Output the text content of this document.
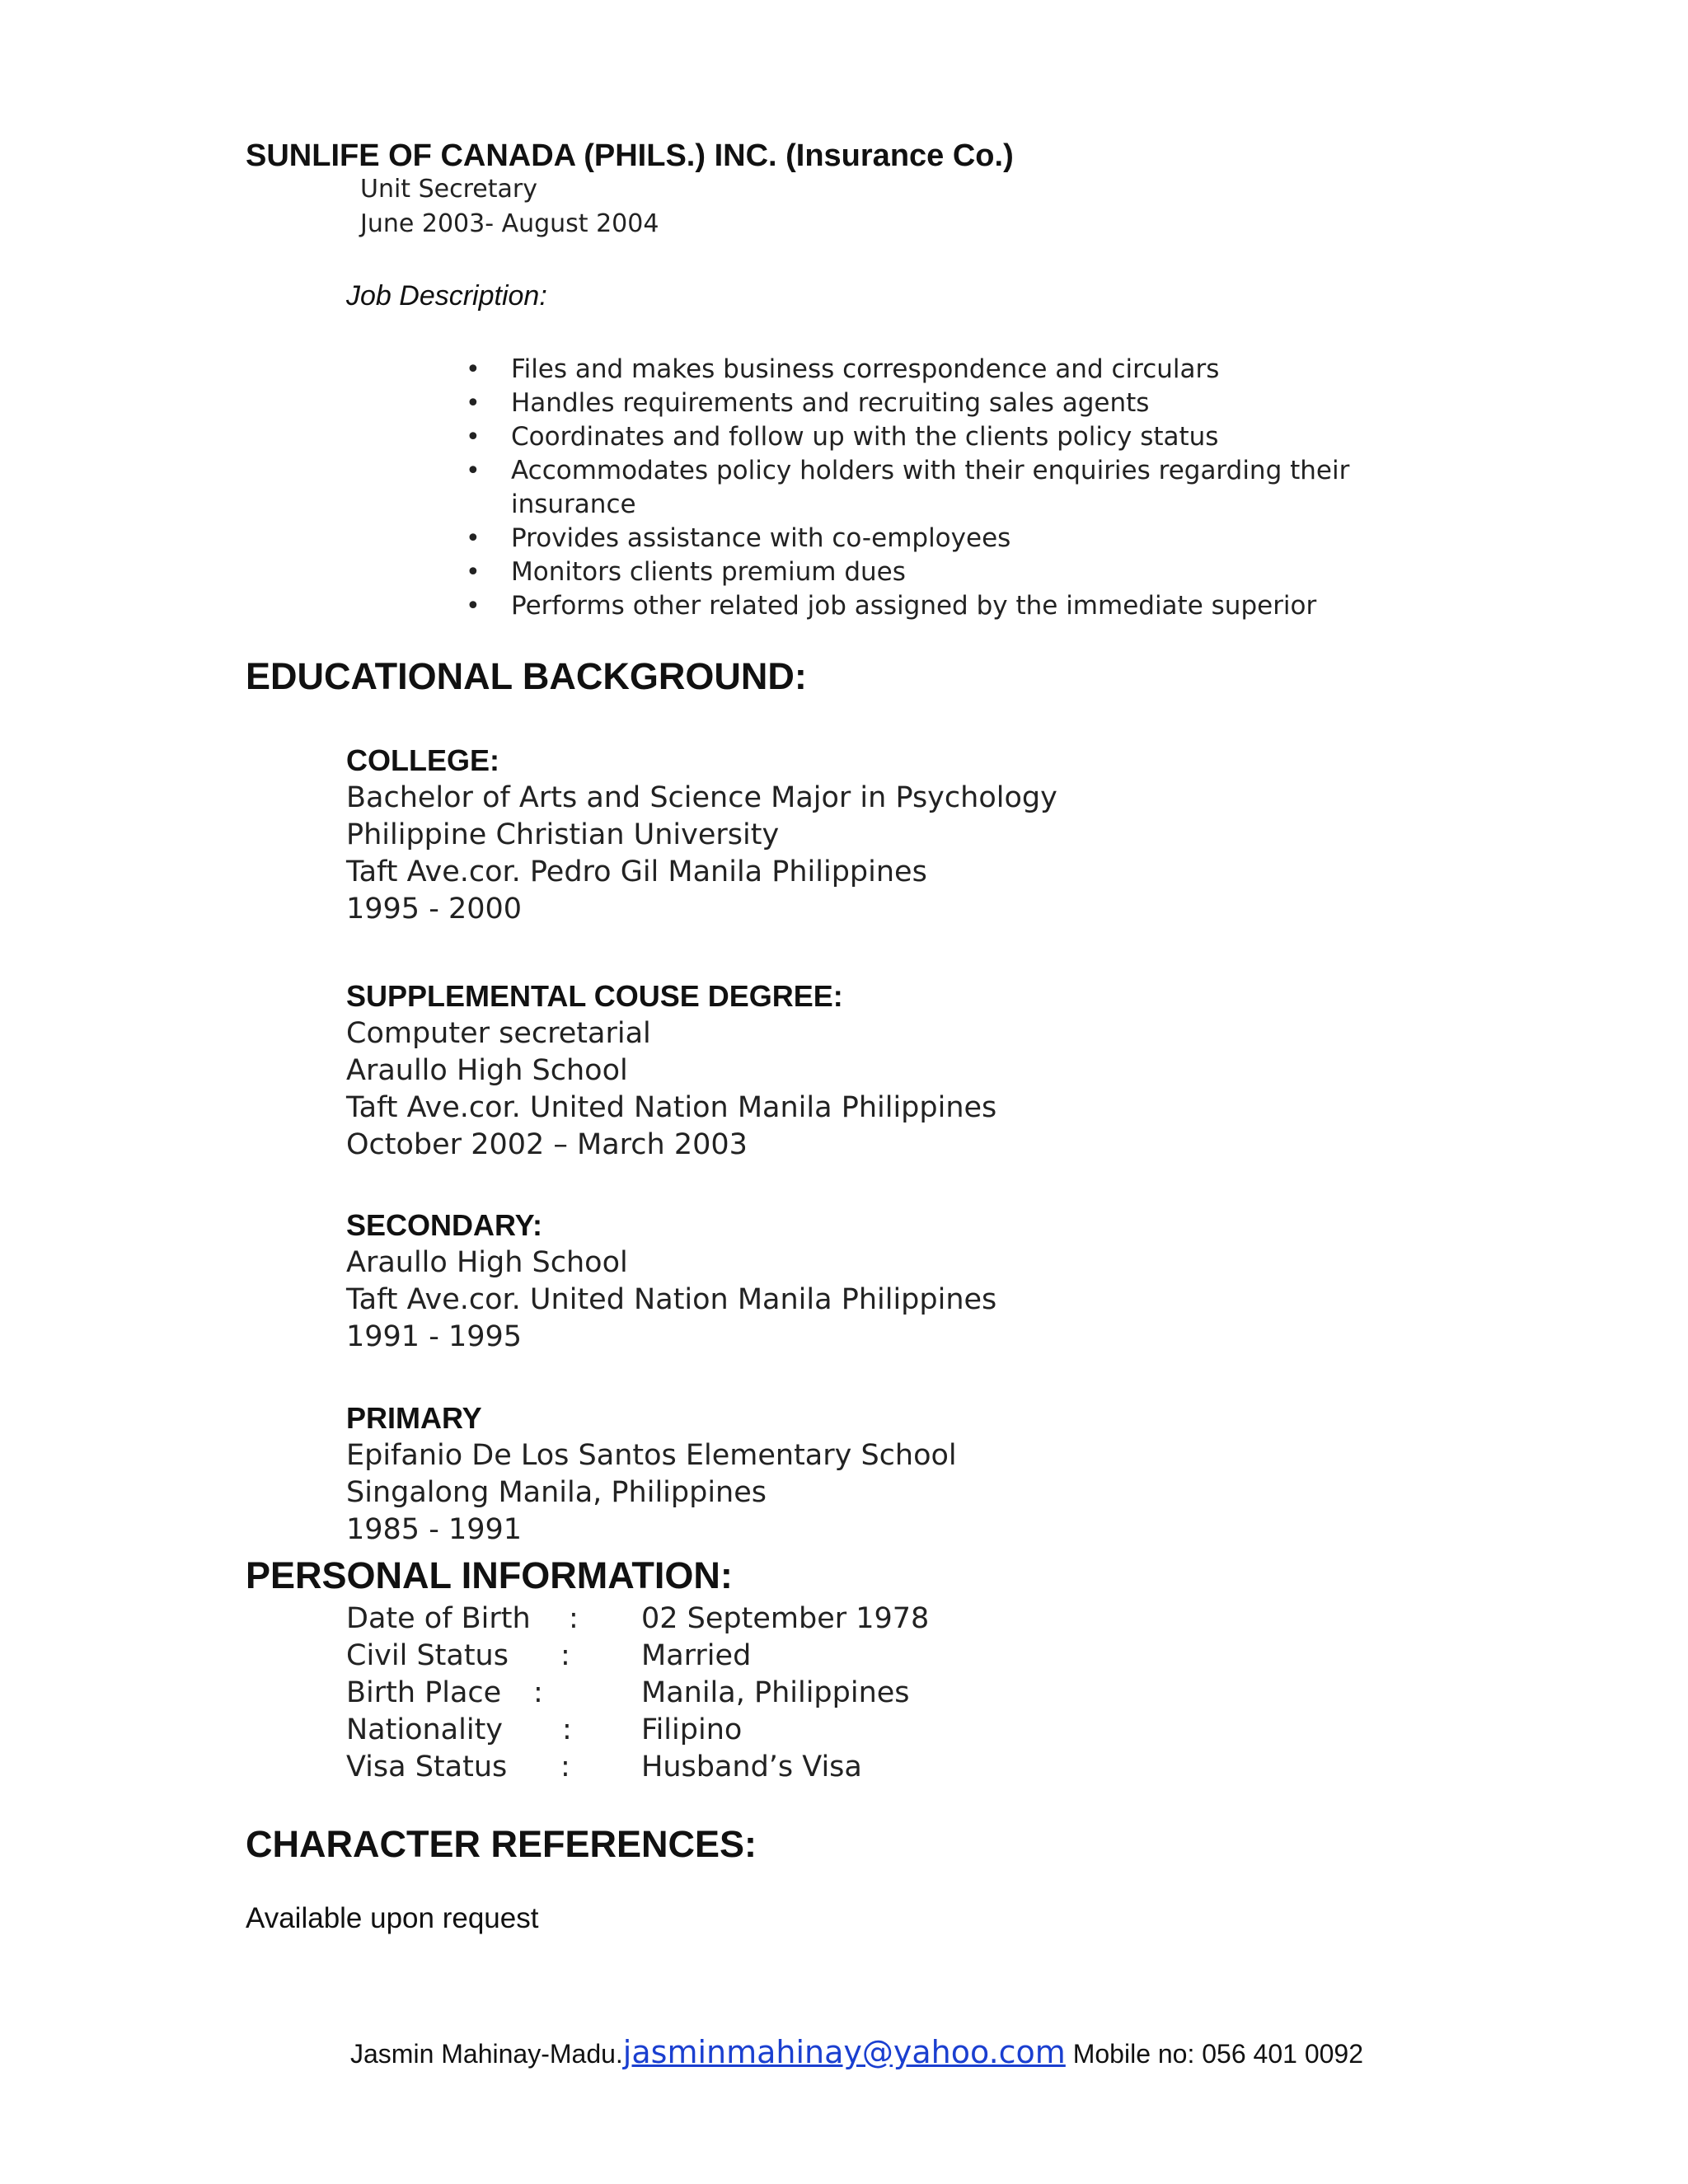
SUNLIFE OF CANADA (PHILS.) INC. (Insurance Co.)
Unit Secretary
June 2003- August 2004
Job Description:
• Files and makes business correspondence and circulars
• Handles requirements and recruiting sales agents
• Coordinates and follow up with the clients policy status
• Accommodates policy holders with their enquiries regarding their
insurance
• Provides assistance with co-employees
• Monitors clients premium dues
• Performs other related job assigned by the immediate superior
EDUCATIONAL BACKGROUND:
COLLEGE:
Bachelor of Arts and Science Major in Psychology
Philippine Christian University
Taft Ave.cor. Pedro Gil Manila Philippines
1995 - 2000
SUPPLEMENTAL COUSE DEGREE:
Computer secretarial
Araullo High School
Taft Ave.cor. United Nation Manila Philippines
October 2002 – March 2003
SECONDARY:
Araullo High School
Taft Ave.cor. United Nation Manila Philippines
1991 - 1995
PRIMARY
Epifanio De Los Santos Elementary School
Singalong Manila, Philippines
1985 - 1991
PERSONAL INFORMATION:
Date of Birth : 02 September 1978
Civil Status : Married
Birth Place :	Manila, Philippines
Nationality : Filipino
Visa Status : Husband’s Visa
CHARACTER REFERENCES:
Available upon request
Jasmin Mahinay-Madu.jasminmahinay@yahoo.com Mobile no: 056 401 0092
